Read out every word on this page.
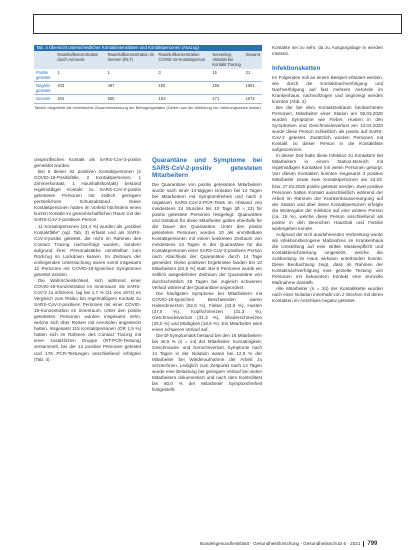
Tab. 4 Übersicht unterschiedlicher Kontaktintensitäten und Kontaktpersonen (Auszug)
	Raumluftkonzentration durch Aerosole	Raumluftkonzentration im Inneren (RLT)	Raumluftkonzentration COVID-19-Kontaktperson	Screening-Aktivität bei Kontakt Tracing	Gesamt
Positiv getestet	1	1	3	15	21
Negativ getestet	403	497	150	156	1651
Gesamt	404	500	153	171	1672
Tabelle dargestellt als vereinfachte Zusammenfassung der Befragungsdaten (Zahlen aus der Abbildung nur näherungsweise lesbar)

unspezifischen Kontakt als SARS-CoV-2-positiv gemeldet wurden.

Bei 6 dieser 32 positiven Kontaktpersonen (2 COVID-19-Positivfälle, 2 Kontaktpersonen, 1 Zimmerkontakt, 1 Haushaltskontakt) bestand regelmäßiger Kontakt zu SARS-CoV-2-positiv getesteten Personen mit zeitlich geringem persönlichem Schutzabstand. Diese Kontaktpersonen hatten im Vorfeld höchstens einen kurzen Kontakt im gemeinschaftlichen Raum mit der SARS-CoV-2-positiven Person.

11 Kontaktpersonen (34,4 %) wurden als „positive Kontaktfälle“ (vgl. Tab. 3) erfasst und als SARS-CoV-2-positiv getestet, die nicht im Rahmen des Contact Tracing nachverfolgt wurden, sondern aufgrund ihrer Personalstärke unmittelbar zum Rückzug im Lockdown kamen. Im Zeitraum der vorliegenden Untersuchung waren somit insgesamt 12 Personen mit COVID-19-typischen Symptomen getestet worden.

Die Wahrscheinlichkeit, sich während einer COVID-19-Konzentration im Innenraum mit SARS-CoV-2 zu infizieren, lag bei 1,7 % (21 von 1672) im Vergleich zum Risiko bei regelmäßigem Kontakt zu SARS-CoV-2-positiven Personen mit einer COVID-19-Konzentration im Innenraum. Unter den positiv getesteten Personen wurden insgesamt zehn, welche sich über Reisen mit Aerosolen angesteckt hatten. Insgesamt 115 Kontaktpersonen (OR 1,9 %) hatten sich im Rahmen des Contact Tracing mit einer zusätzlichen Gruppe (RT-PCR-Testung) versammelt, bei der 12 positive Personen getestet und 176 PCR-Testungen anschließend erfolgten (Tab. 4).

Quarantäne und Symptome bei SARS-CoV-2-positiv getesteten Mitarbeitern

Die Quarantäne von positiv getesteten Mitarbeitern wurde nach einer 14-tägigen Isolation bei 14 Tagen bei Mitarbeitern mit Symptomfreiheit und nach 2 negativen SARS-CoV-2-PCR-Tests im Abstand von mindestens 24 Stunden bis 10 Tage (Ø ≈ 22) für positiv getestete Personen festgelegt. Quarantäne und Isolation für diese Mitarbeiter galten ebenfalls für die Dauer der Quarantäne. Unter den positiv getesteten Personen wurden 10 als unmittelbare Kontaktpersonen mit einem konkreten Zeitraum von mindestens 14 Tagen in der Quarantäne für die Kontaktpersonen einer SARS-CoV-2-positiven Person nach Abschluss der Quarantäne durch 14 Tage gemeldet. Diese positiven Ergebnisse fanden bei 10 Mitarbeitern (62,5 %) statt. Bei 6 Personen wurde ein zeitlich ausgedehnter Zeitraum der Quarantäne von durchschnittlich 28 Tagen bei zugleich schwerem Verlauf während der Quarantäne angeordnet.

Die häufigsten Symptome bei Mitarbeitern mit COVID-19-typischen Beschwerden waren Halsschmerzen (62,5 %), Fieber (43,8 %), Husten (37,5 %), Kopfschmerzen (31,3 %), Geschmacksverlust (31,3 %), Gliederschmerzen (25,0 %) und Müdigkeit (18,8 %). Ein Mitarbeiter wies einen schweren Verlauf auf.

Die Ø-Symptomatik bestand bei den 16 Mitarbeitern bei 45,5 % (n = 14) der Mitarbeiter. Kurzatmigkeit, Geschmacks- und Geruchsverlust, Symptome nach 14 Tagen in der Isolation waren bei 12,5 % der Mitarbeiter bei Wiederaufnahme der Arbeit zu verzeichnen. Lediglich zum Zeitpunkt nach 14 Tagen wurde eine Belastung bei geringem Verlauf bei vielen Mitarbeitern dokumentiert und nach dem Kontrolltest bei 60,0 % der Mitarbeiter Symptomfreiheit festgestellt.

Kontakte sei zu sehr, da zu Ausgangslage in werden müssen.

Infektionsketten

Im Folgenden soll an einem Beispiel erläutert werden, wie durch die Kontaktnachverfolgung und Nachverfolgung auf fast mehrere Aerosole im Krankenhaus, nachvollzogen und angezeigt werden konnten (Abb. 2).

Bei der bei dem Kontaktzeitraum beobachteten Personen, Mitarbeiter einer Station am 09.03.2020 wurden Symptome wie Fieber, Husten in den Symptomen und Geschmacksverlust am 13.03.2020 wurde diese Person schließlich als positiv auf SARS-CoV-2 getestet. Zusätzlich wurden Personen mit Kontakt zu dieser Person in die Kontaktliste aufgenommen.

In dieser Zeit hatte diese Infektion zu Kontakten bei Mitarbeitern in einem Station-Bereich mit regelmäßigen Kontakten mit vielen Personen gesorgt. Von diesen Kontakten konnten insgesamt 3 positive Mitarbeiter sowie zwei Kontaktpersonen am 23.03. bzw. 27.03.2020 positiv getestet werden. Zwei positive Personen hatten Kontakt ausschließlich während der Arbeit im Rahmen der Krankenhausversorgung auf der Station und über diese Kontaktpersonen erfolgte die Weitergabe der Infektion auf eine weitere Person (ca. 15 %), welche diese Person anschließend als positiv in den Bereichen Haushalt und Familie weitergeben konnte.

Aufgrund der sich ausdehnenden Verbreitung wurde als infektionsbezogene Maßnahme im Krankenhaus die Umstellung auf eine strikte Maskenpflicht und Kontaktbeschränkung umgesetzt, welche die Ausbreitung im Haus wirksam unterbinden konnte. Diese Beobachtung zeigt, dass im Rahmen der Kontaktnachverfolgung eine gezielte Testung von Personen mit bekanntem Kontakt eine sinnvolle Maßnahme darstellt.

Alle Mitarbeiter (n = 34) der Kontaktkette wurden nach einer Isolation innerhalb von 2 Wochen mit deren Kontakten im Anschluss negativ getestet.

Bundesgesundheitsblatt - Gesundheitsforschung - Gesundheitsschutz 6 · 2021 799
